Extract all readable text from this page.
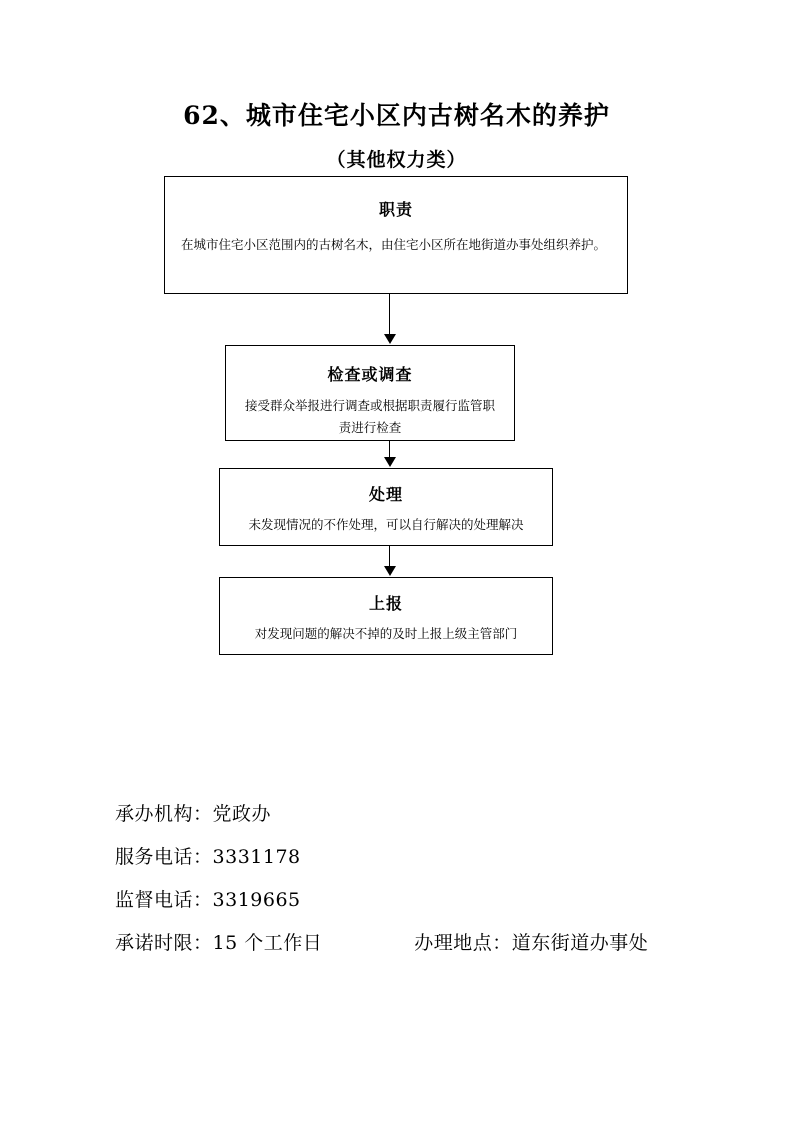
62、城市住宅小区内古树名木的养护
（其他权力类）
职责
在城市住宅小区范围内的古树名木，由住宅小区所在地街道办事处组织养护。
检查或调查
接受群众举报进行调查或根据职责履行监管职责进行检查
处理
未发现情况的不作处理，可以自行解决的处理解决
上报
对发现问题的解决不掉的及时上报上级主管部门
承办机构：党政办
服务电话：3331178
监督电话：3319665
承诺时限：15 个工作日	办理地点：道东街道办事处
